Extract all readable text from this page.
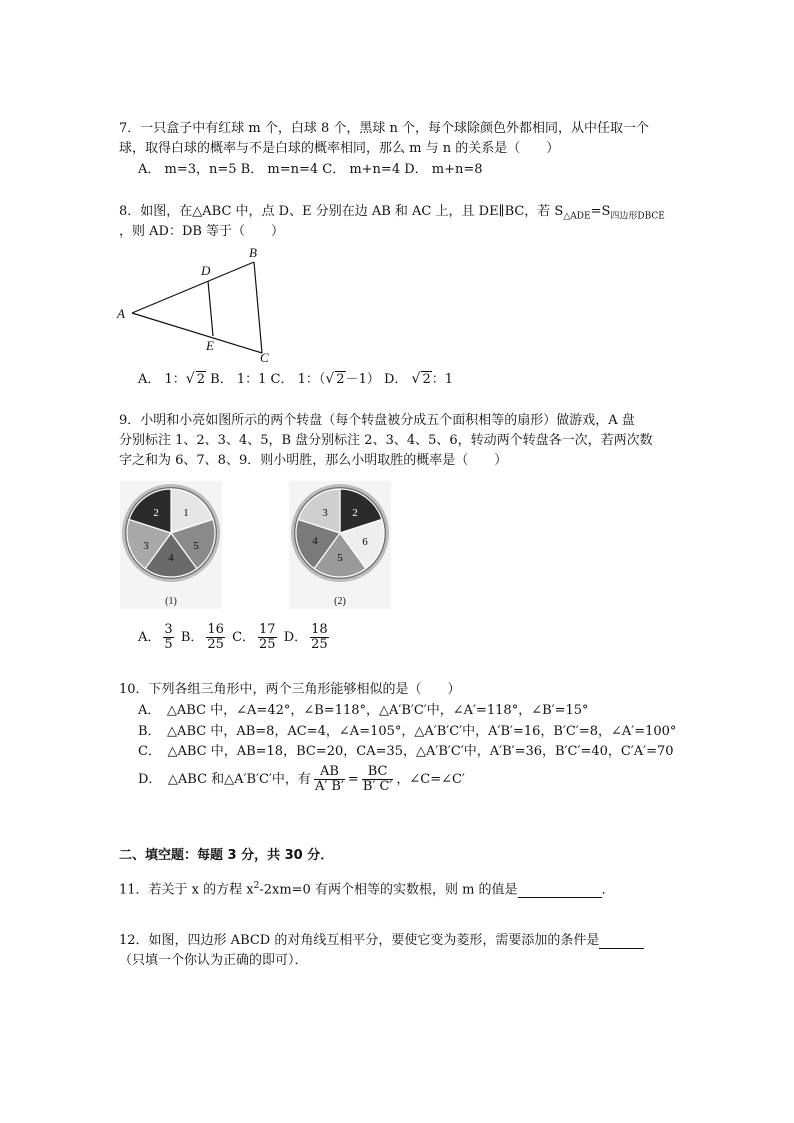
7．一只盒子中有红球 m 个，白球 8 个，黑球 n 个，每个球除颜色外都相同，从中任取一个
球，取得白球的概率与不是白球的概率相同，那么 m 与 n 的关系是（　　）
A． m=3，n=5 B． m=n=4 C． m+n=4 D． m+n=8
8．如图，在△ABC 中，点 D、E 分别在边 AB 和 AC 上，且 DE∥BC，若 $S_{\triangle ADE}=S_{四边形DBCE}$
，则 AD：DB 等于（　　）
A
B
C
D
E
A． 1：√ 2 B． 1：1 C． 1：（√ 2－1） D． √ 2：1
9．小明和小亮如图所示的两个转盘（每个转盘被分成五个面积相等的扇形）做游戏，A 盘
分别标注 1、2、3、4、5，B 盘分别标注 2、3、4、5、6，转动两个转盘各一次，若两次数
字之和为 6、7、8、9．则小明胜，那么小明取胜的概率是（　　）
1
2
3
4
5
(1)
2
3
4
5
6
(2)
A． $\frac{3}{5}$ B． $\frac{16}{25}$ C． $\frac{17}{25}$ D． $\frac{18}{25}$
10．下列各组三角形中，两个三角形能够相似的是（　　）
A．　△ABC 中，∠A=42°，∠B=118°，△A′B′C′中，∠A′=118°，∠B′=15°
B．　△ABC 中，AB=8，AC=4，∠A=105°，△A′B′C′中，A′B′=16，B′C′=8，∠A′=100°
C．　△ABC 中，AB=18，BC=20，CA=35，△A′B′C′中，A′B′=36，B′C′=40，C′A′=70
D．　△ABC 和△A′B′C′中，有 $\frac{AB}{A' B'} = \frac{BC}{B' C'}$ ，∠C=∠C′
二、填空题：每题 3 分，共 30 分．
11．若关于 x 的方程 $x^2-2xm=0$ 有两个相等的实数根，则 m 的值是	．
12．如图，四边形 ABCD 的对角线互相平分，要使它变为菱形，需要添加的条件是
（只填一个你认为正确的即可）．
